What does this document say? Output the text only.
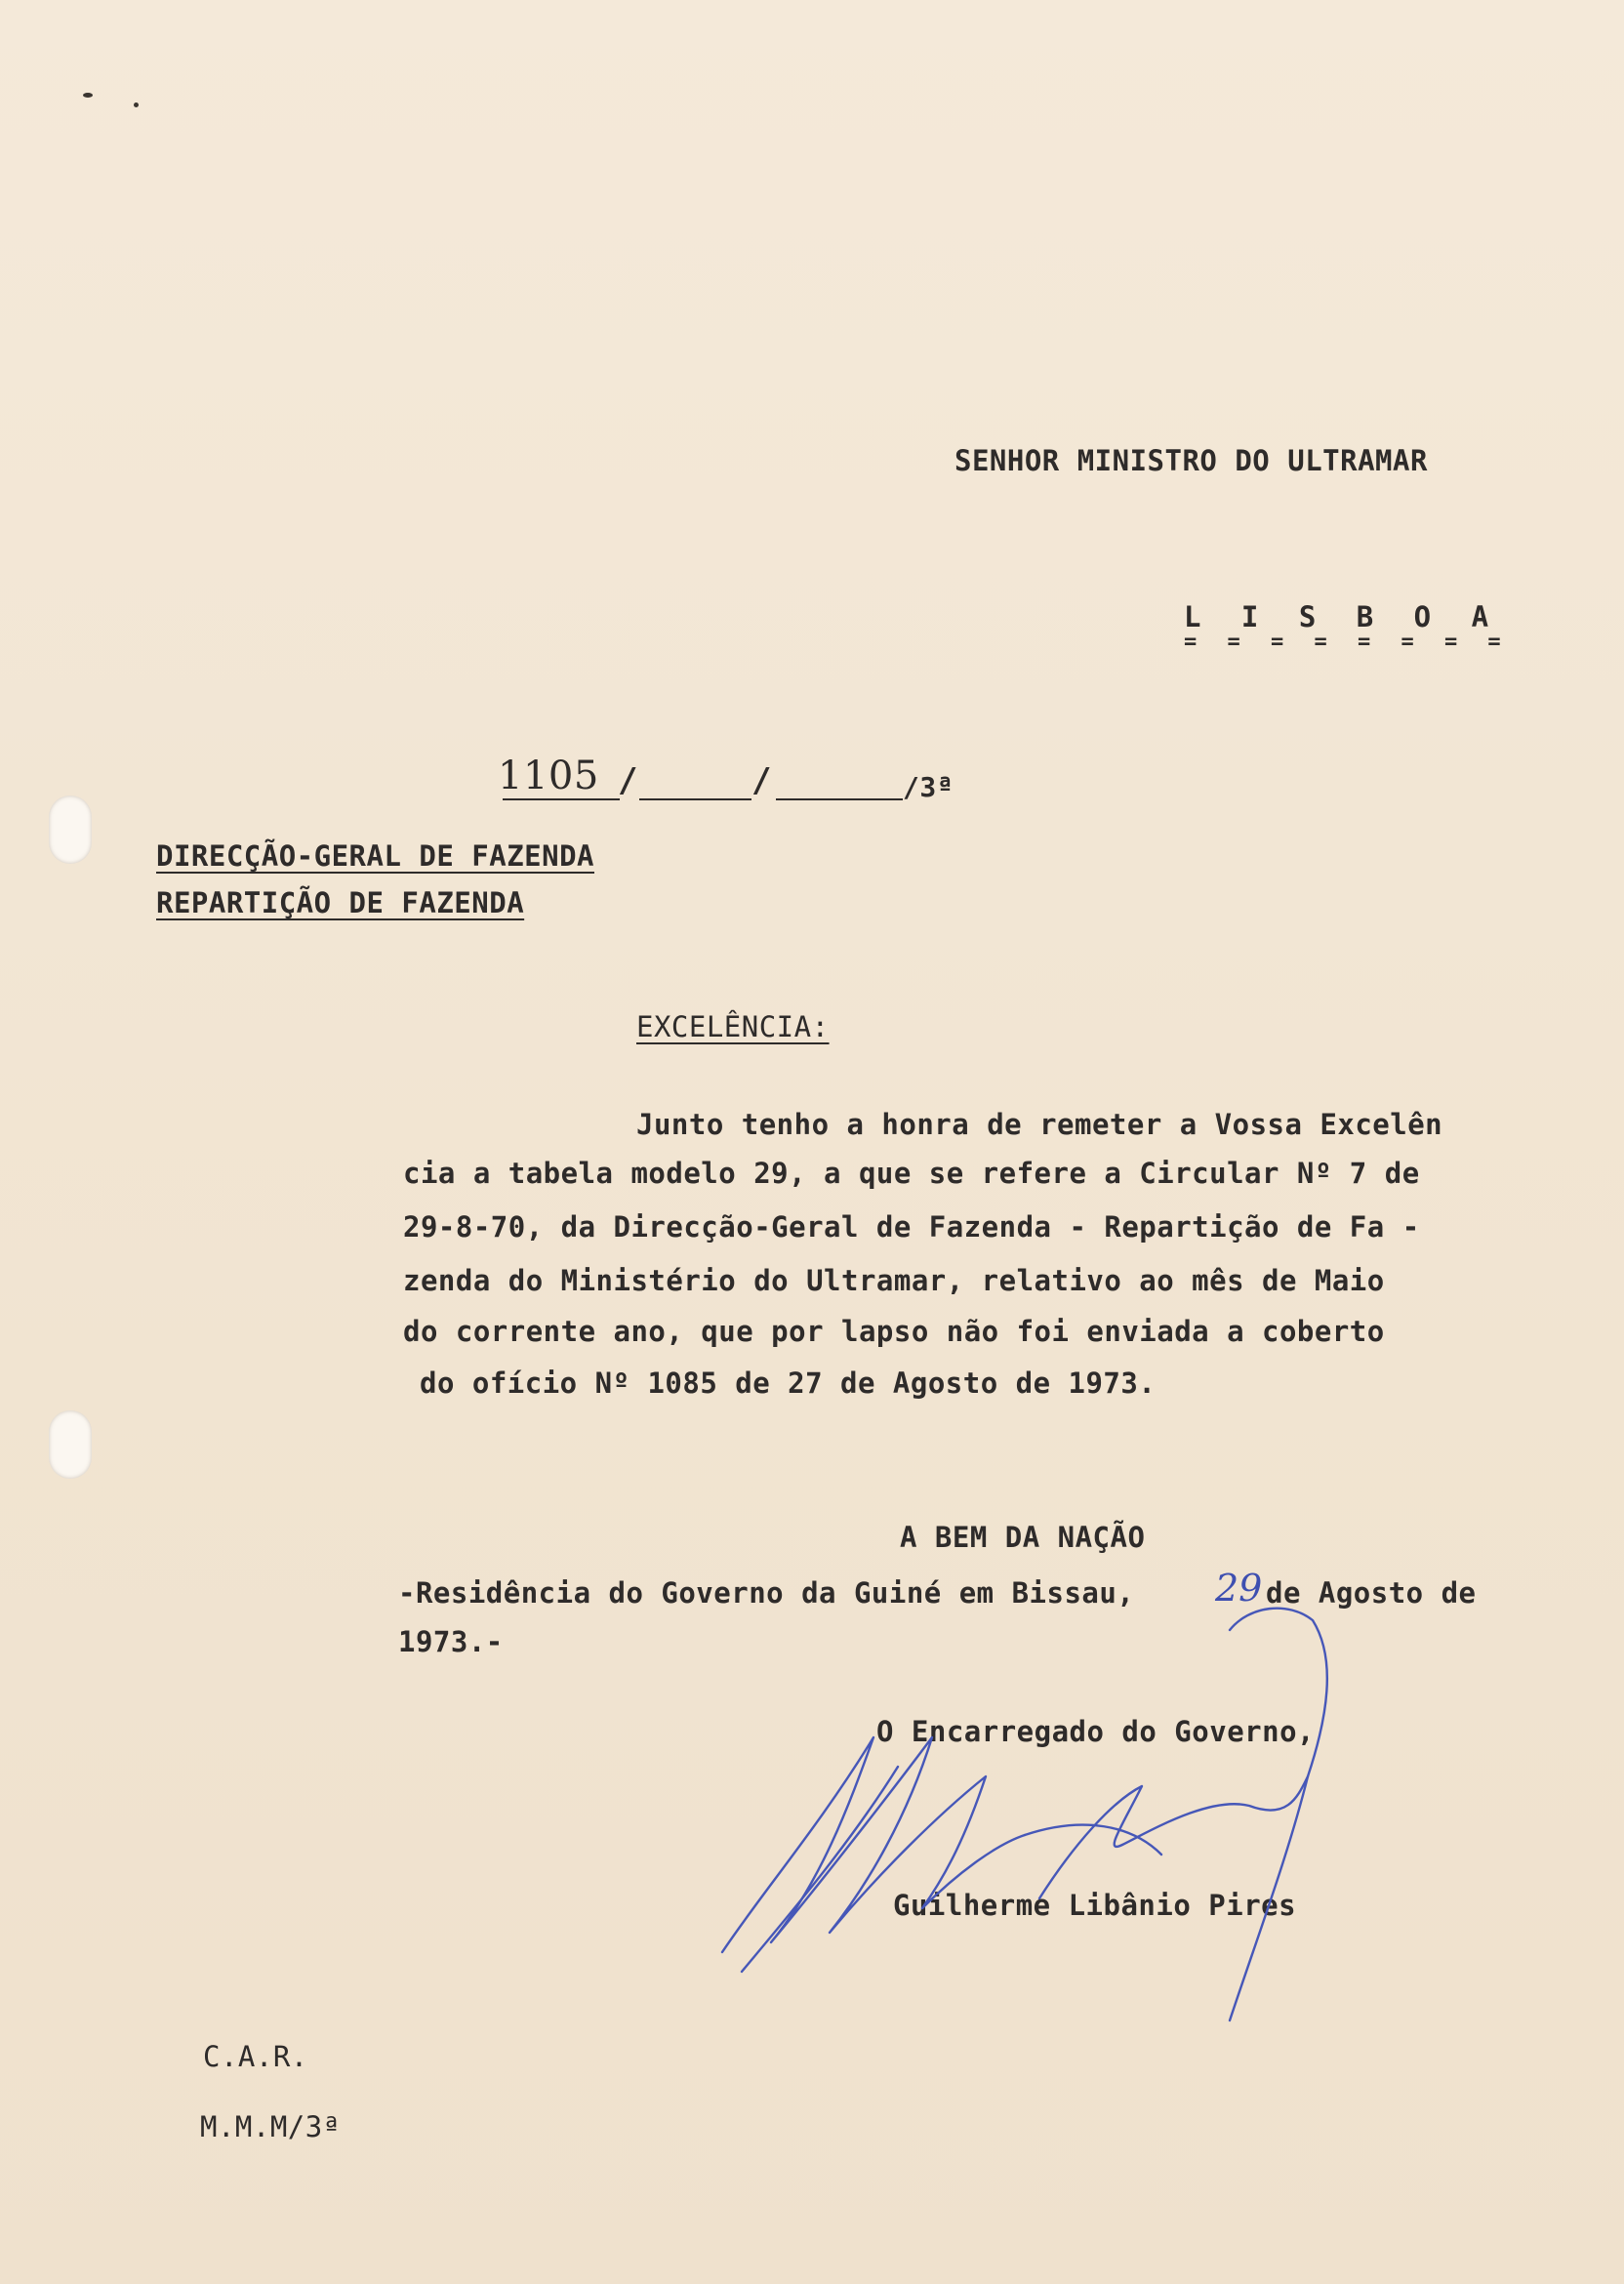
SENHOR MINISTRO DO ULTRAMAR
L I S B O A
= = = = = = = =
1105 /	/	/3ª
DIRECÇÃO-GERAL DE FAZENDA
REPARTIÇÃO DE FAZENDA
EXCELÊNCIA:
Junto tenho a honra de remeter a Vossa Excelên
cia a tabela modelo 29, a que se refere a Circular Nº 7 de
29-8-70, da Direcção-Geral de Fazenda - Repartição de Fa -
zenda do Ministério do Ultramar, relativo ao mês de Maio
do corrente ano, que por lapso não foi enviada a coberto
do ofício Nº 1085 de 27 de Agosto de 1973.
A BEM DA NAÇÃO
-Residência do Governo da Guiné em Bissau, 29 de Agosto de
1973.-
O Encarregado do Governo,
Guilherme Libânio Pires
C.A.R.
M.M.M/3ª
